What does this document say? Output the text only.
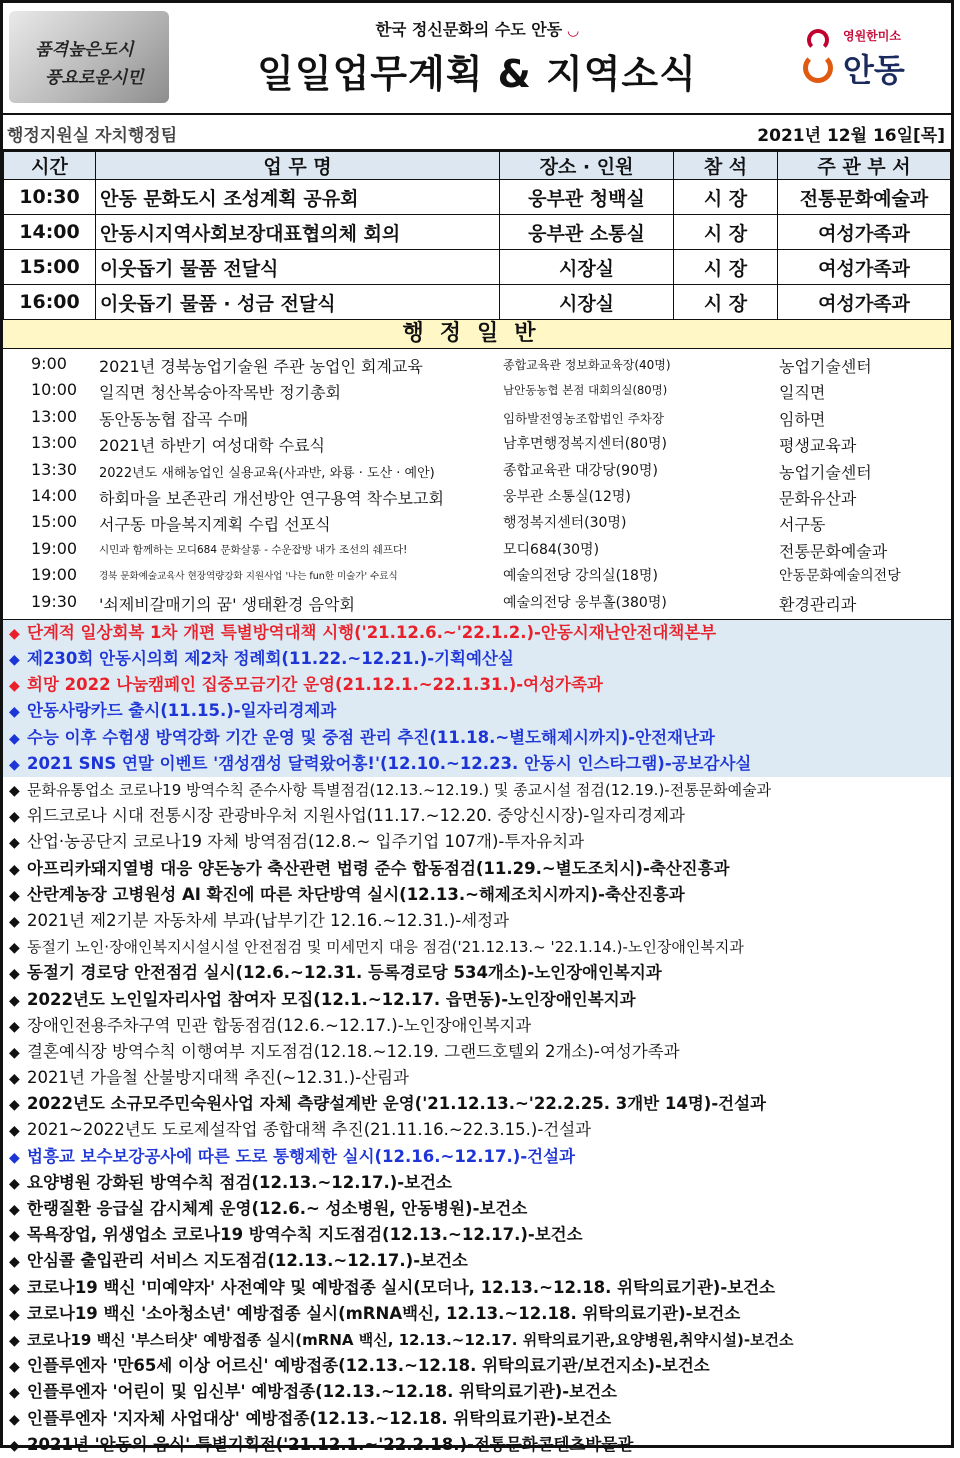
품격높은도시
풍요로운시민
한국 정신문화의 수도 안동 ◡
일일업무계획 & 지역소식
영원한미소
안동
행정지원실 자치행정팀	2021년 12월 16일[목]
시간	업 무 명	장소 · 인원	참 석	주 관 부 서
10:30	안동 문화도시 조성계획 공유회	웅부관 청백실	시 장	전통문화예술과
14:00	안동시지역사회보장대표협의체 회의	웅부관 소통실	시 장	여성가족과
15:00	이웃돕기 물품 전달식	시장실	시 장	여성가족과
16:00	이웃돕기 물품 · 성금 전달식	시장실	시 장	여성가족과
행정일반
9:00	2021년 경북농업기술원 주관 농업인 회계교육	종합교육관 정보화교육장(40명)	농업기술센터
10:00	일직면 청산복숭아작목반 정기총회	남안동농협 본점 대회의실(80명)	일직면
13:00	동안동농협 잡곡 수매	임하발전영농조합법인 주차장	임하면
13:00	2021년 하반기 여성대학 수료식	남후면행정복지센터(80명)	평생교육과
13:30	2022년도 새해농업인 실용교육(사과반, 와룡 · 도산 · 예안)	종합교육관 대강당(90명)	농업기술센터
14:00	하회마을 보존관리 개선방안 연구용역 착수보고회	웅부관 소통실(12명)	문화유산과
15:00	서구동 마을복지계획 수립 선포식	행정복지센터(30명)	서구동
19:00	시민과 함께하는 모디684 문화살롱 - 수운잡방 내가 조선의 쉐프다!	모디684(30명)	전통문화예술과
19:00	경북 문화예술교육사 현장역량강화 지원사업 '나는 fun한 미술가' 수료식	예술의전당 강의실(18명)	안동문화예술의전당
19:30	'쇠제비갈매기의 꿈' 생태환경 음악회	예술의전당 웅부홀(380명)	환경관리과
◆ 단계적 일상회복 1차 개편 특별방역대책 시행('21.12.6.~'22.1.2.)-안동시재난안전대책본부
◆ 제230회 안동시의회 제2차 정례회(11.22.~12.21.)-기획예산실
◆ 희망 2022 나눔캠페인 집중모금기간 운영(21.12.1.~22.1.31.)-여성가족과
◆ 안동사랑카드 출시(11.15.)-일자리경제과
◆ 수능 이후 수험생 방역강화 기간 운영 및 중점 관리 추진(11.18.~별도해제시까지)-안전재난과
◆ 2021 SNS 연말 이벤트 '갬성갬성 달력왔어홍!'(12.10.~12.23. 안동시 인스타그램)-공보감사실
◆ 문화유통업소 코로나19 방역수칙 준수사항 특별점검(12.13.~12.19.) 및 종교시설 점검(12.19.)-전통문화예술과
◆ 위드코로나 시대 전통시장 관광바우처 지원사업(11.17.~12.20. 중앙신시장)-일자리경제과
◆ 산업·농공단지 코로나19 자체 방역점검(12.8.~ 입주기업 107개)-투자유치과
◆ 아프리카돼지열병 대응 양돈농가 축산관련 법령 준수 합동점검(11.29.~별도조치시)-축산진흥과
◆ 산란계농장 고병원성 AI 확진에 따른 차단방역 실시(12.13.~해제조치시까지)-축산진흥과
◆ 2021년 제2기분 자동차세 부과(납부기간 12.16.~12.31.)-세정과
◆ 동절기 노인·장애인복지시설시설 안전점검 및 미세먼지 대응 점검('21.12.13.~ '22.1.14.)-노인장애인복지과
◆ 동절기 경로당 안전점검 실시(12.6.~12.31. 등록경로당 534개소)-노인장애인복지과
◆ 2022년도 노인일자리사업 참여자 모집(12.1.~12.17. 읍면동)-노인장애인복지과
◆ 장애인전용주차구역 민관 합동점검(12.6.~12.17.)-노인장애인복지과
◆ 결혼예식장 방역수칙 이행여부 지도점검(12.18.~12.19. 그랜드호텔외 2개소)-여성가족과
◆ 2021년 가을철 산불방지대책 추진(~12.31.)-산림과
◆ 2022년도 소규모주민숙원사업 자체 측량설계반 운영('21.12.13.~'22.2.25. 3개반 14명)-건설과
◆ 2021~2022년도 도로제설작업 종합대책 추진(21.11.16.~22.3.15.)-건설과
◆ 법흥교 보수보강공사에 따른 도로 통행제한 실시(12.16.~12.17.)-건설과
◆ 요양병원 강화된 방역수칙 점검(12.13.~12.17.)-보건소
◆ 한랭질환 응급실 감시체계 운영(12.6.~ 성소병원, 안동병원)-보건소
◆ 목욕장업, 위생업소 코로나19 방역수칙 지도점검(12.13.~12.17.)-보건소
◆ 안심콜 출입관리 서비스 지도점검(12.13.~12.17.)-보건소
◆ 코로나19 백신 '미예약자' 사전예약 및 예방접종 실시(모더나, 12.13.~12.18. 위탁의료기관)-보건소
◆ 코로나19 백신 '소아청소년' 예방접종 실시(mRNA백신, 12.13.~12.18. 위탁의료기관)-보건소
◆ 코로나19 백신 '부스터샷' 예방접종 실시(mRNA 백신, 12.13.~12.17. 위탁의료기관,요양병원,취약시설)-보건소
◆ 인플루엔자 '만65세 이상 어르신' 예방접종(12.13.~12.18. 위탁의료기관/보건지소)-보건소
◆ 인플루엔자 '어린이 및 임신부' 예방접종(12.13.~12.18. 위탁의료기관)-보건소
◆ 인플루엔자 '지자체 사업대상' 예방접종(12.13.~12.18. 위탁의료기관)-보건소
◆ 2021년 '안동의 음식' 특별기획전('21.12.1.~'22.2.18.)-전통문화콘텐츠박물관
